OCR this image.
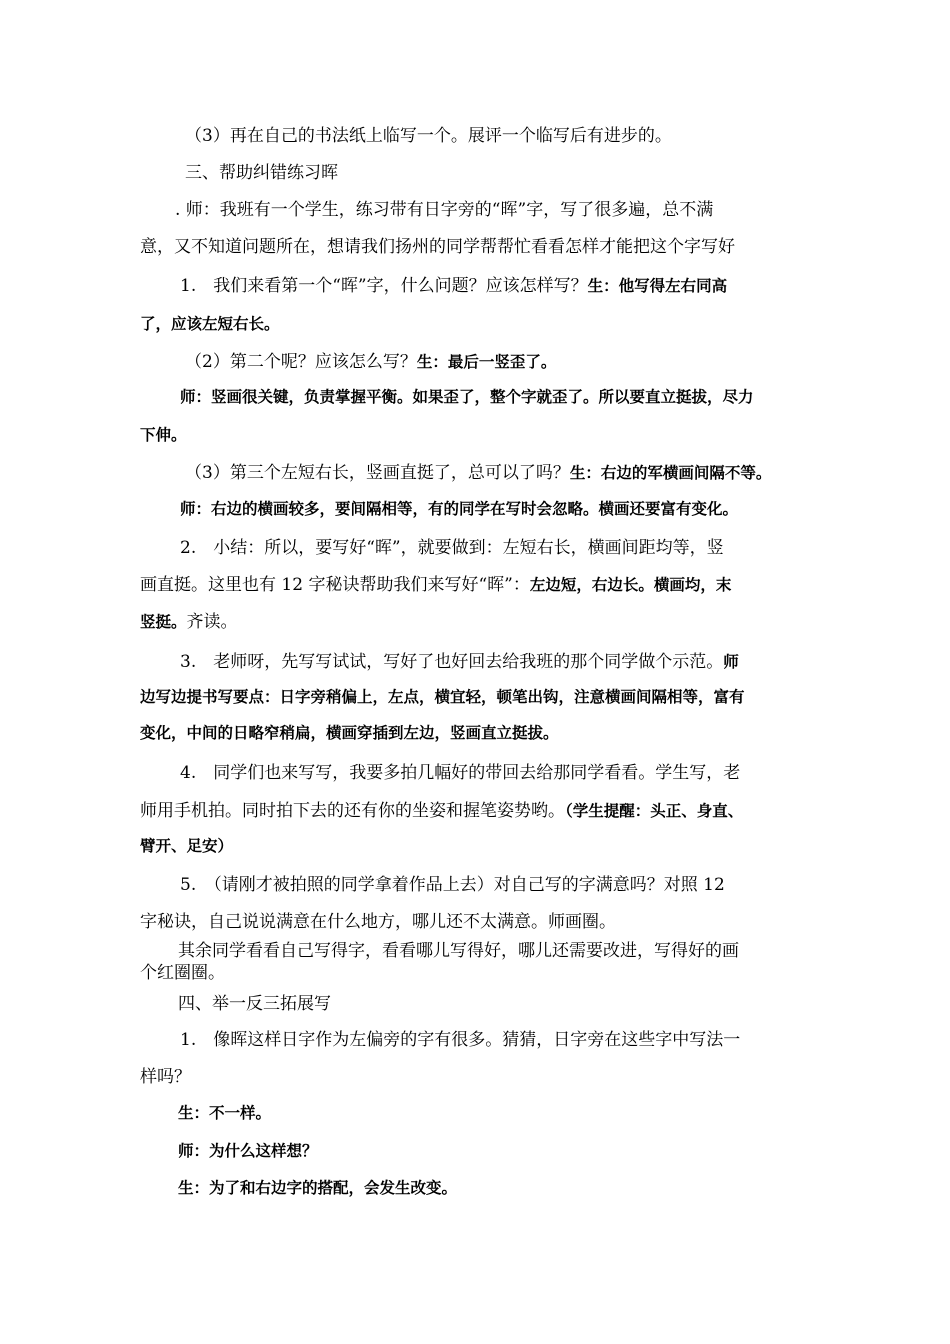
（3）再在自己的书法纸上临写一个。展评一个临写后有进步的。
三、帮助纠错练习晖
. 师：我班有一个学生，练习带有日字旁的“晖”字，写了很多遍，总不满
意，又不知道问题所在，想请我们扬州的同学帮帮忙看看怎样才能把这个字写好
1.　我们来看第一个“晖”字，什么问题？应该怎样写？生：他写得左右同高
了，应该左短右长。
（2）第二个呢？应该怎么写？生：最后一竖歪了。
师：竖画很关键，负责掌握平衡。如果歪了，整个字就歪了。所以要直立挺拔，尽力
下伸。
（3）第三个左短右长，竖画直挺了，总可以了吗？生：右边的军横画间隔不等。
师：右边的横画较多，要间隔相等，有的同学在写时会忽略。横画还要富有变化。
2.　小结：所以，要写好“晖”，就要做到：左短右长，横画间距均等，竖
画直挺。这里也有 12 字秘诀帮助我们来写好“晖”：左边短，右边长。横画均，末
竖挺。齐读。
3.　老师呀，先写写试试，写好了也好回去给我班的那个同学做个示范。师
边写边提书写要点：日字旁稍偏上，左点，横宜轻，顿笔出钩，注意横画间隔相等，富有
变化，中间的日略窄稍扁，横画穿插到左边，竖画直立挺拔。
4.　同学们也来写写，我要多拍几幅好的带回去给那同学看看。学生写，老
师用手机拍。同时拍下去的还有你的坐姿和握笔姿势哟。（学生提醒：头正、身直、
臂开、足安）
5.　（请刚才被拍照的同学拿着作品上去）对自己写的字满意吗？对照 12
字秘诀，自己说说满意在什么地方，哪儿还不太满意。师画圈。
其余同学看看自己写得字，看看哪儿写得好，哪儿还需要改进，写得好的画
个红圈圈。
四、举一反三拓展写
1.　像晖这样日字作为左偏旁的字有很多。猜猜，日字旁在这些字中写法一
样吗？
生：不一样。
师：为什么这样想？
生：为了和右边字的搭配，会发生改变。
